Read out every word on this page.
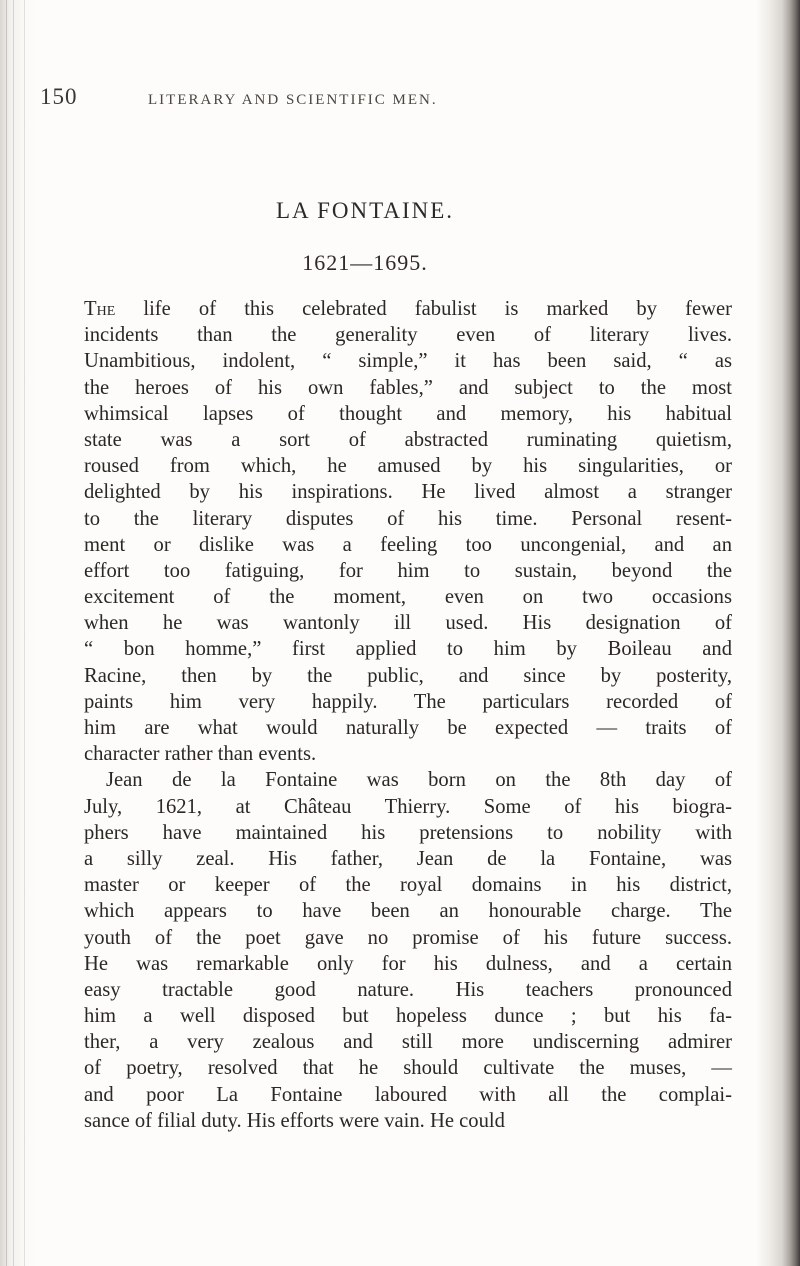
150	LITERARY AND SCIENTIFIC MEN.
LA FONTAINE.
1621—1695.
The life of this celebrated fabulist is marked by fewer
incidents than the generality even of literary lives.
Unambitious, indolent, “ simple,” it has been said, “ as
the heroes of his own fables,” and subject to the most
whimsical lapses of thought and memory, his habitual
state was a sort of abstracted ruminating quietism,
roused from which, he amused by his singularities, or
delighted by his inspirations. He lived almost a stranger
to the literary disputes of his time. Personal resent-
ment or dislike was a feeling too uncongenial, and an
effort too fatiguing, for him to sustain, beyond the
excitement of the moment, even on two occasions
when he was wantonly ill used. His designation of
“ bon homme,” first applied to him by Boileau and
Racine, then by the public, and since by posterity,
paints him very happily. The particulars recorded of
him are what would naturally be expected — traits of
character rather than events.
Jean de la Fontaine was born on the 8th day of
July, 1621, at Château Thierry. Some of his biogra-
phers have maintained his pretensions to nobility with
a silly zeal. His father, Jean de la Fontaine, was
master or keeper of the royal domains in his district,
which appears to have been an honourable charge. The
youth of the poet gave no promise of his future success.
He was remarkable only for his dulness, and a certain
easy tractable good nature. His teachers pronounced
him a well disposed but hopeless dunce ; but his fa-
ther, a very zealous and still more undiscerning admirer
of poetry, resolved that he should cultivate the muses, —
and poor La Fontaine laboured with all the complai-
sance of filial duty. His efforts were vain. He could
